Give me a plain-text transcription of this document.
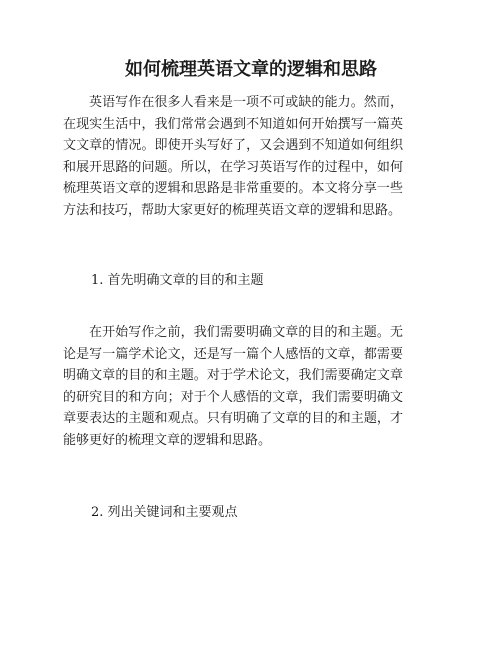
如何梳理英语文章的逻辑和思路

英语写作在很多人看来是一项不可或缺的能力。然而，在现实生活中，我们常常会遇到不知道如何开始撰写一篇英文文章的情况。即使开头写好了，又会遇到不知道如何组织和展开思路的问题。所以，在学习英语写作的过程中，如何梳理英语文章的逻辑和思路是非常重要的。本文将分享一些方法和技巧，帮助大家更好的梳理英语文章的逻辑和思路。

1. 首先明确文章的目的和主题

在开始写作之前，我们需要明确文章的目的和主题。无论是写一篇学术论文，还是写一篇个人感悟的文章，都需要明确文章的目的和主题。对于学术论文，我们需要确定文章的研究目的和方向；对于个人感悟的文章，我们需要明确文章要表达的主题和观点。只有明确了文章的目的和主题，才能够更好的梳理文章的逻辑和思路。

2. 列出关键词和主要观点
